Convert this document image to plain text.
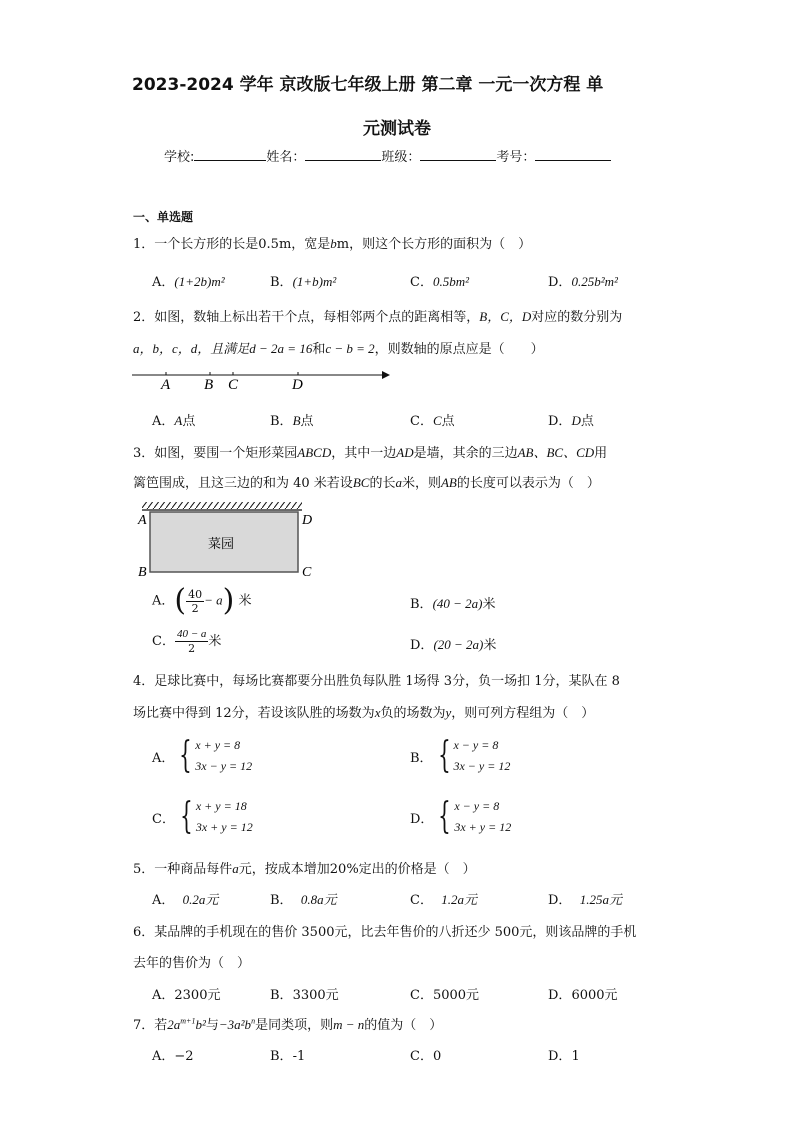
2023-2024 学年 京改版七年级上册 第二章 一元一次方程 单
元测试卷
学校:	姓名：	班级：	考号：
一、单选题
1．一个长方形的长是0.5m，宽是bm，则这个长方形的面积为（　）
A．(1+2b)m²	B．(1+b)m²	C．0.5bm²	D．0.25b²m²
2．如图，数轴上标出若干个点，每相邻两个点的距离相等，B，C，D对应的数分别为
a，b，c，d，且满足d − 2a = 16和c − b = 2，则数轴的原点应是（　　）
A B C	D
A．A点	B．B点	C．C点	D．D点
3．如图，要围一个矩形菜园ABCD，其中一边AD是墙，其余的三边AB、BC、CD用
篱笆围成，且这三边的和为 40 米若设BC的长a米，则AB的长度可以表示为（　）
菜园
A	D
B	C
A．( $\frac{40}{2} - a$) 米	B．(40 − 2a)米
C． $\frac{40 - a}{2}$ 米	D．(20 − 2a)米
4．足球比赛中，每场比赛都要分出胜负每队胜 1场得 3分，负一场扣 1分，某队在 8
场比赛中得到 12分，若设该队胜的场数为x负的场数为y，则可列方程组为（　）
A． { x + y = 8
3x − y = 12
B． { x − y = 8
3x − y = 12
C． { x + y = 18
3x + y = 12
D． { x − y = 8
3x + y = 12
5．一种商品每件a元，按成本增加20%定出的价格是（　）
A． 0.2a元	B． 0.8a元	C． 1.2a元	D． 1.25a元
6．某品牌的手机现在的售价 3500元，比去年售价的八折还少 500元，则该品牌的手机
去年的售价为（　）
A．2300元	B．3300元	C．5000元	D．6000元
7．若$2a^{m+1}b^2$与$-3a^2b^n$是同类项，则m − n的值为（　）
A．−2	B．-1	C．0	D．1
